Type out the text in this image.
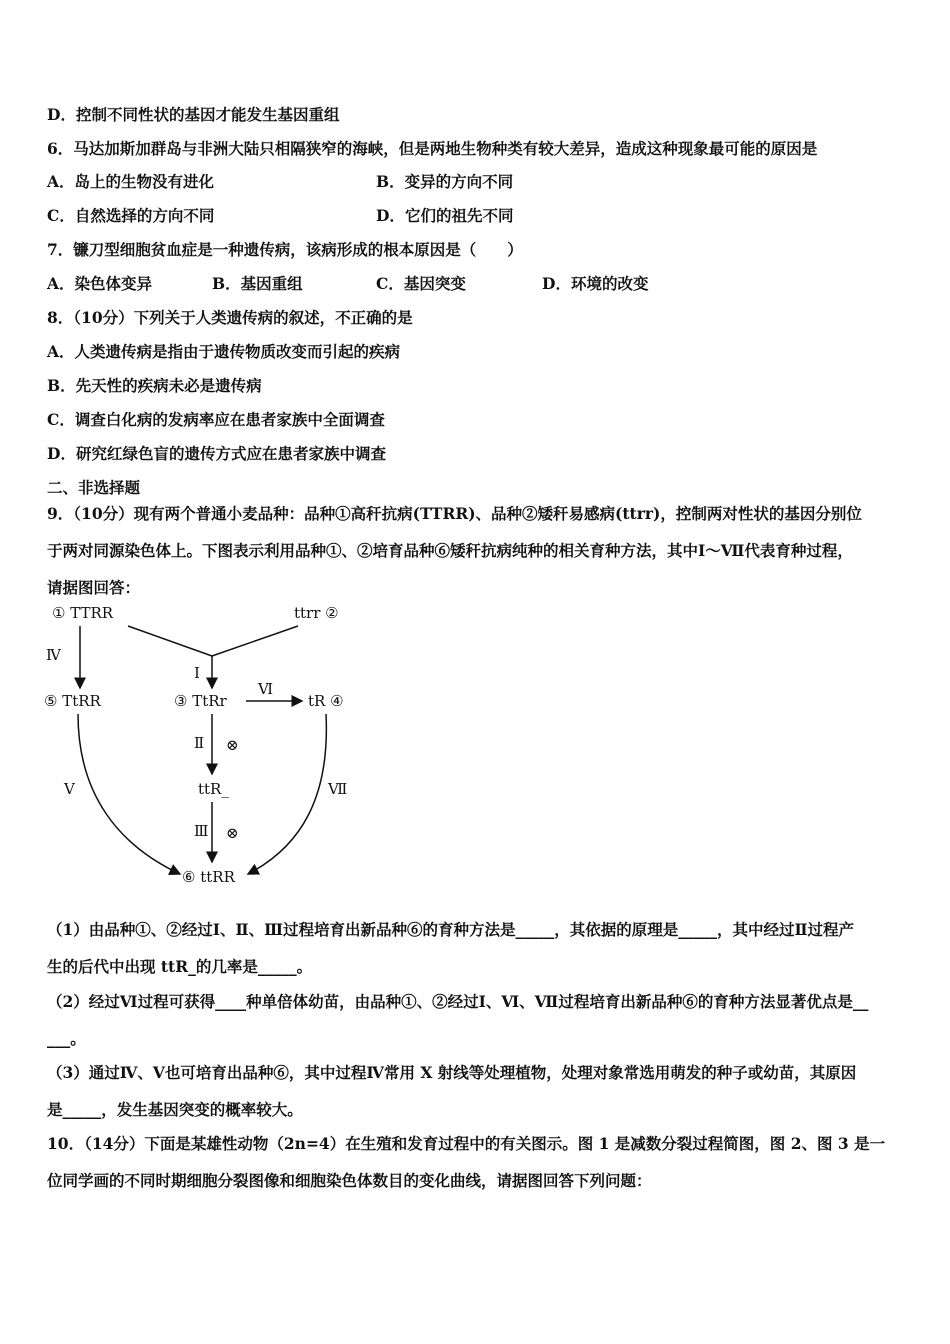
D．控制不同性状的基因才能发生基因重组
6．马达加斯加群岛与非洲大陆只相隔狭窄的海峡，但是两地生物种类有较大差异，造成这种现象最可能的原因是
A．岛上的生物没有进化	B．变异的方向不同
C．自然选择的方向不同	D．它们的祖先不同
7．镰刀型细胞贫血症是一种遗传病，该病形成的根本原因是（　　）
A．染色体变异	B．基因重组	C．基因突变	D．环境的改变
8．（10分）下列关于人类遗传病的叙述，不正确的是
A．人类遗传病是指由于遗传物质改变而引起的疾病
B．先天性的疾病未必是遗传病
C．调查白化病的发病率应在患者家族中全面调查
D．研究红绿色盲的遗传方式应在患者家族中调查
二、非选择题
9．（10分）现有两个普通小麦品种：品种①高秆抗病(TTRR)、品种②矮秆易感病(ttrr)，控制两对性状的基因分别位
于两对同源染色体上。下图表示利用品种①、②培育品种⑥矮秆抗病纯种的相关育种方法，其中Ⅰ～Ⅶ代表育种过程，
请据图回答：
① TTRR	ttrr ②
⑤ TtRR	③ TtRr	tR ④
ttR_
⑥ ttRR
Ⅰ
Ⅳ
Ⅵ
Ⅱ ⊗
Ⅲ ⊗
Ⅴ	Ⅶ
（1）由品种①、②经过Ⅰ、Ⅱ、Ⅲ过程培育出新品种⑥的育种方法是_____，其依据的原理是_____，其中经过Ⅱ过程产
生的后代中出现 ttR_的几率是_____。
（2）经过Ⅵ过程可获得____种单倍体幼苗，由品种①、②经过Ⅰ、Ⅵ、Ⅶ过程培育出新品种⑥的育种方法显著优点是__
___。
（3）通过Ⅳ、Ⅴ也可培育出品种⑥，其中过程Ⅳ常用 X 射线等处理植物，处理对象常选用萌发的种子或幼苗，其原因
是_____，发生基因突变的概率较大。
10．（14分）下面是某雄性动物（2n=4）在生殖和发育过程中的有关图示。图 1 是减数分裂过程简图，图 2、图 3 是一
位同学画的不同时期细胞分裂图像和细胞染色体数目的变化曲线，请据图回答下列问题：
